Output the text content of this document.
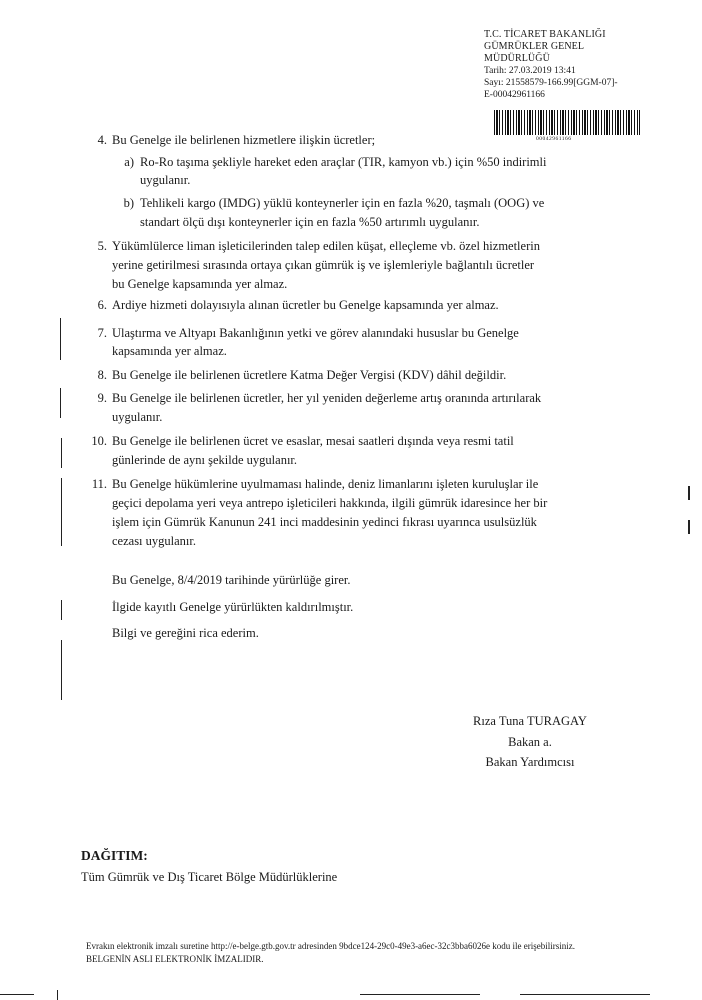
T.C. TİCARET BAKANLIĞI
GÜMRÜKLER GENEL
MÜDÜRLÜĞÜ
Tarih: 27.03.2019 13:41
Sayı: 21558579-166.99[GGM-07]-
E-00042961166
00042961166
4. Bu Genelge ile belirlenen hizmetlere ilişkin ücretler;
a) Ro-Ro taşıma şekliyle hareket eden araçlar (TIR, kamyon vb.) için %50 indirimli
uygulanır.
b) Tehlikeli kargo (IMDG) yüklü konteynerler için en fazla %20, taşmalı (OOG) ve
standart ölçü dışı konteynerler için en fazla %50 artırımlı uygulanır.
5. Yükümlülerce liman işleticilerinden talep edilen küşat, elleçleme vb. özel hizmetlerin
yerine getirilmesi sırasında ortaya çıkan gümrük iş ve işlemleriyle bağlantılı ücretler
bu Genelge kapsamında yer almaz.
6. Ardiye hizmeti dolayısıyla alınan ücretler bu Genelge kapsamında yer almaz.
7. Ulaştırma ve Altyapı Bakanlığının yetki ve görev alanındaki hususlar bu Genelge
kapsamında yer almaz.
8. Bu Genelge ile belirlenen ücretlere Katma Değer Vergisi (KDV) dâhil değildir.
9. Bu Genelge ile belirlenen ücretler, her yıl yeniden değerleme artış oranında artırılarak
uygulanır.
10. Bu Genelge ile belirlenen ücret ve esaslar, mesai saatleri dışında veya resmi tatil
günlerinde de aynı şekilde uygulanır.
11. Bu Genelge hükümlerine uyulmaması halinde, deniz limanlarını işleten kuruluşlar ile
geçici depolama yeri veya antrepo işleticileri hakkında, ilgili gümrük idaresince her bir
işlem için Gümrük Kanunun 241 inci maddesinin yedinci fıkrası uyarınca usulsüzlük
cezası uygulanır.
Bu Genelge, 8/4/2019 tarihinde yürürlüğe girer.
İlgide kayıtlı Genelge yürürlükten kaldırılmıştır.
Bilgi ve gereğini rica ederim.
Rıza Tuna TURAGAY
Bakan a.
Bakan Yardımcısı
DAĞITIM:
Tüm Gümrük ve Dış Ticaret Bölge Müdürlüklerine
Evrakın elektronik imzalı suretine http://e-belge.gtb.gov.tr adresinden 9bdce124-29c0-49e3-a6ec-32c3bba6026e kodu ile erişebilirsiniz.
BELGENİN ASLI ELEKTRONİK İMZALIDIR.
